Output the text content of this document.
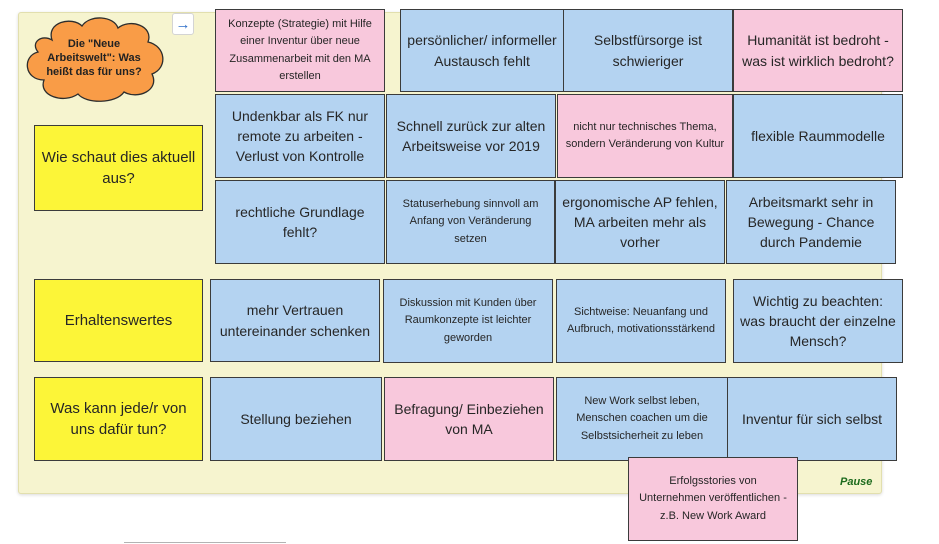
Die "Neue Arbeitswelt": Was heißt das für uns?
→
Wie schaut dies aktuell aus?
Erhaltenswertes
Was kann jede/r von uns dafür tun?
Konzepte (Strategie) mit Hilfe einer Inventur über neue Zusammenarbeit mit den MA erstellen
persönlicher/ informeller Austausch fehlt
Selbstfürsorge ist schwieriger
Humanität ist bedroht - was ist wirklich bedroht?
Undenkbar als FK nur remote zu arbeiten - Verlust von Kontrolle
Schnell zurück zur alten Arbeitsweise vor 2019
nicht nur technisches Thema, sondern Veränderung von Kultur
flexible Raummodelle
rechtliche Grundlage fehlt?
Statuserhebung sinnvoll am Anfang von Veränderung setzen
ergonomische AP fehlen, MA arbeiten mehr als vorher
Arbeitsmarkt sehr in Bewegung - Chance durch Pandemie
mehr Vertrauen untereinander schenken
Diskussion mit Kunden über Raumkonzepte ist leichter geworden
Sichtweise: Neuanfang und Aufbruch, motivationsstärkend
Wichtig zu beachten: was braucht der einzelne Mensch?
Stellung beziehen
Befragung/ Einbeziehen von MA
New Work selbst leben, Menschen coachen um die Selbstsicherheit zu leben
Inventur für sich selbst
Erfolgsstories von Unternehmen veröffentlichen - z.B. New Work Award
Pause
